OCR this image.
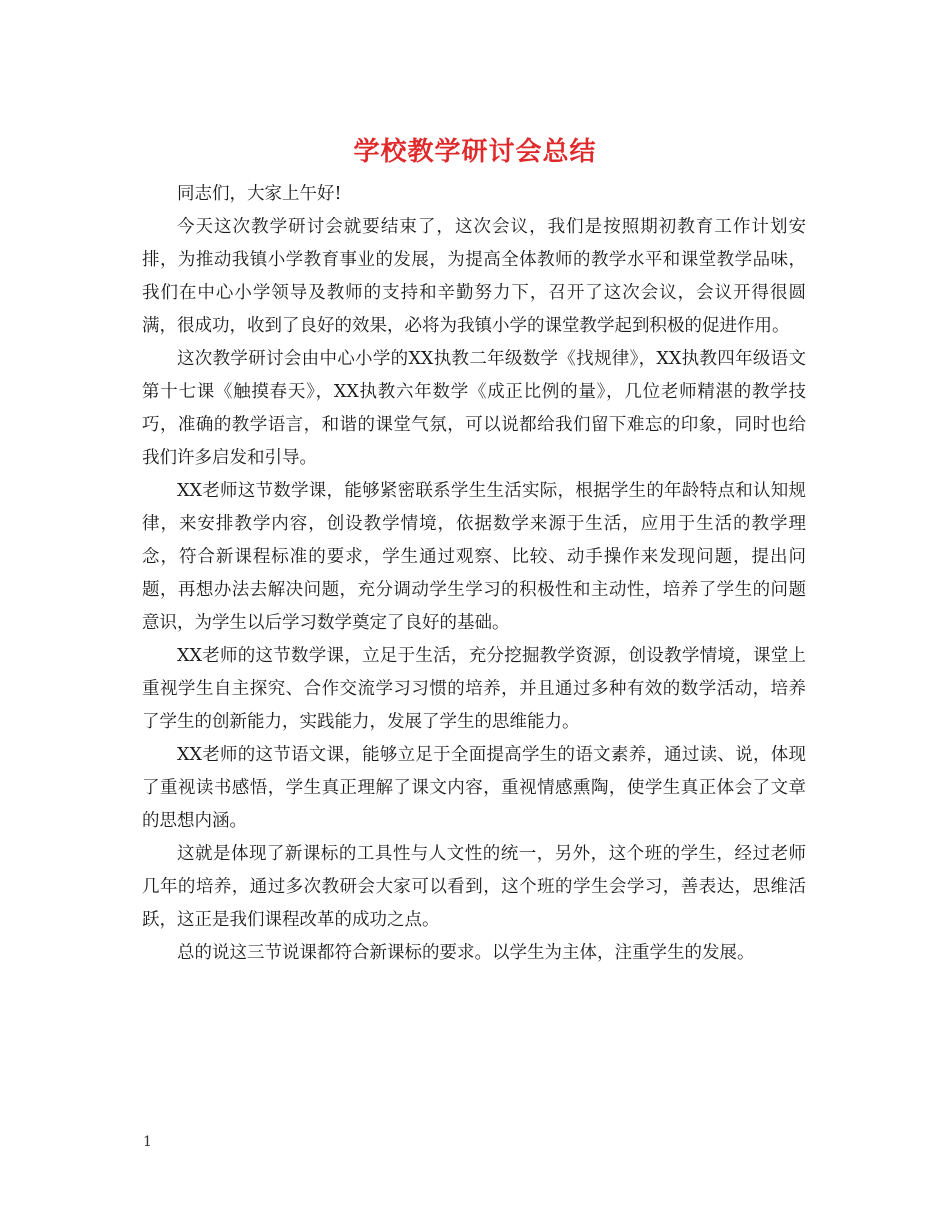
学校教学研讨会总结

同志们，大家上午好!

今天这次教学研讨会就要结束了，这次会议，我们是按照期初教育工作计划安排，为推动我镇小学教育事业的发展，为提高全体教师的教学水平和课堂教学品味，我们在中心小学领导及教师的支持和辛勤努力下，召开了这次会议，会议开得很圆满，很成功，收到了良好的效果，必将为我镇小学的课堂教学起到积极的促进作用。

这次教学研讨会由中心小学的XX执教二年级数学《找规律》，XX执教四年级语文第十七课《触摸春天》，XX执教六年数学《成正比例的量》，几位老师精湛的教学技巧，准确的教学语言，和谐的课堂气氛，可以说都给我们留下难忘的印象，同时也给我们许多启发和引导。

XX老师这节数学课，能够紧密联系学生生活实际，根据学生的年龄特点和认知规律，来安排教学内容，创设教学情境，依据数学来源于生活，应用于生活的教学理念，符合新课程标准的要求，学生通过观察、比较、动手操作来发现问题，提出问题，再想办法去解决问题，充分调动学生学习的积极性和主动性，培养了学生的问题意识，为学生以后学习数学奠定了良好的基础。

XX老师的这节数学课，立足于生活，充分挖掘教学资源，创设教学情境，课堂上重视学生自主探究、合作交流学习习惯的培养，并且通过多种有效的数学活动，培养了学生的创新能力，实践能力，发展了学生的思维能力。

XX老师的这节语文课，能够立足于全面提高学生的语文素养，通过读、说，体现了重视读书感悟，学生真正理解了课文内容，重视情感熏陶，使学生真正体会了文章的思想内涵。

这就是体现了新课标的工具性与人文性的统一，另外，这个班的学生，经过老师几年的培养，通过多次教研会大家可以看到，这个班的学生会学习，善表达，思维活跃，这正是我们课程改革的成功之点。

总的说这三节说课都符合新课标的要求。以学生为主体，注重学生的发展。

1
